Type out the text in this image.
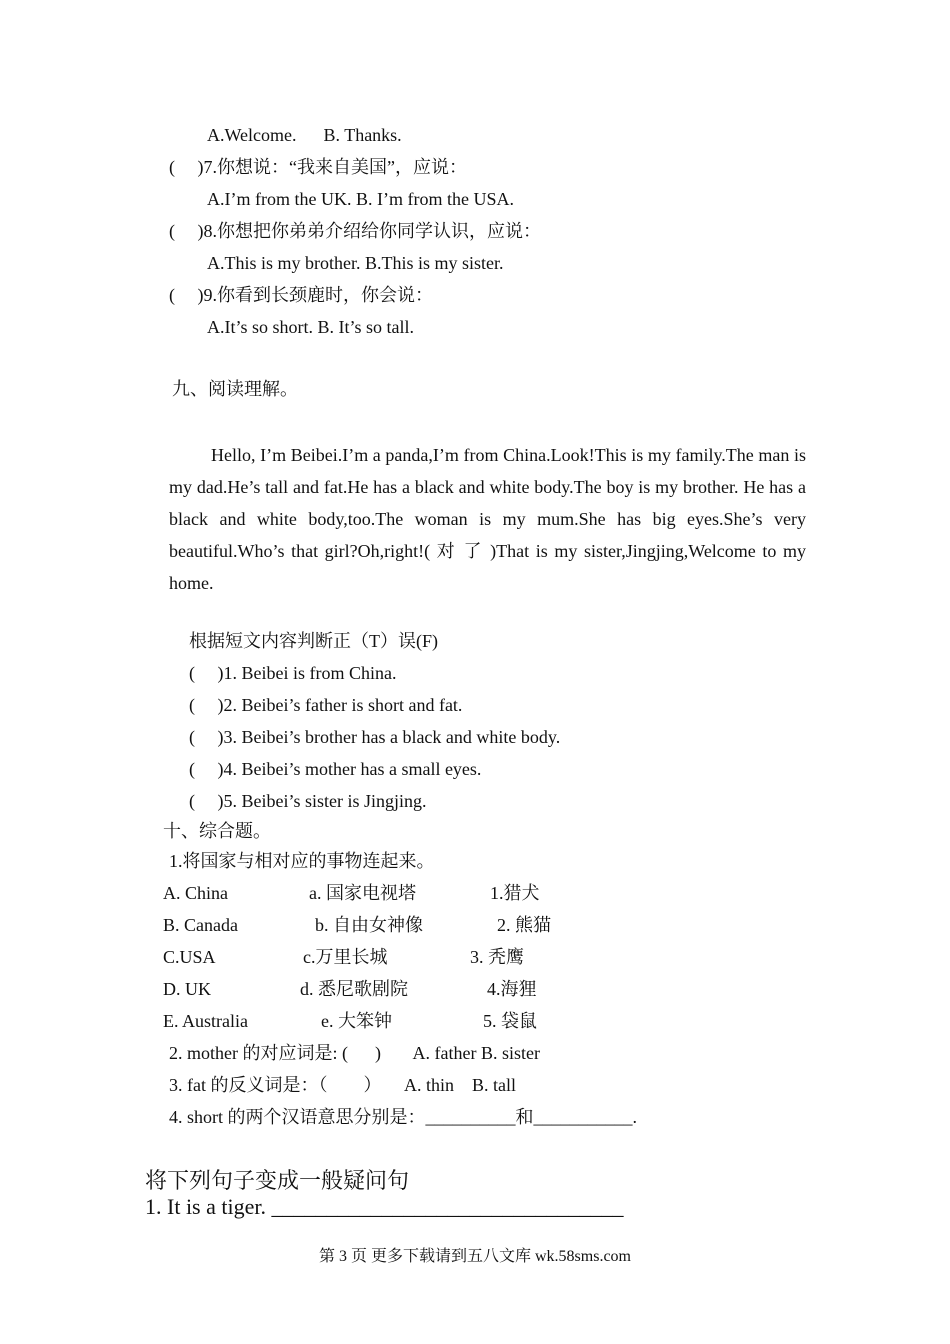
A.Welcome.      B. Thanks.
(     )7.你想说：“我来自美国”，应说：
A.I’m from the UK. B. I’m from the USA.
(     )8.你想把你弟弟介绍给你同学认识，应说：
A.This is my brother. B.This is my sister.
(     )9.你看到长颈鹿时，你会说：
A.It’s so short. B. It’s so tall.
九、阅读理解。
Hello, I’m Beibei.I’m a panda,I’m from China.Look!This is my family.The man is my dad.He’s tall and fat.He has a black and white body.The boy is my brother. He has a black and white body,too.The woman is my mum.She has big eyes.She’s very beautiful.Who’s that girl?Oh,right!( 对 了 )That is my sister,Jingjing,Welcome to my home.
根据短文内容判断正（T）误(F)
(     )1. Beibei is from China.
(     )2. Beibei’s father is short and fat.
(     )3. Beibei’s brother has a black and white body.
(     )4. Beibei’s mother has a small eyes.
(     )5. Beibei’s sister is Jingjing.
十、综合题。
1.将国家与相对应的事物连起来。
A. China	a. 国家电视塔	1.猎犬
B. Canada	b. 自由女神像	2. 熊猫
C.USA	c.万里长城	3. 秃鹰
D. UK	d. 悉尼歌剧院	4.海狸
E. Australia	e. 大笨钟	5. 袋鼠
2. mother 的对应词是: (      )       A. father B. sister
3. fat 的反义词是：（        ）     A. thin    B. tall
4. short 的两个汉语意思分别是：__________和___________.
将下列句子变成一般疑问句
1. It is a tiger. ________________________________
第 3 页 更多下载请到五八文库 wk.58sms.com
